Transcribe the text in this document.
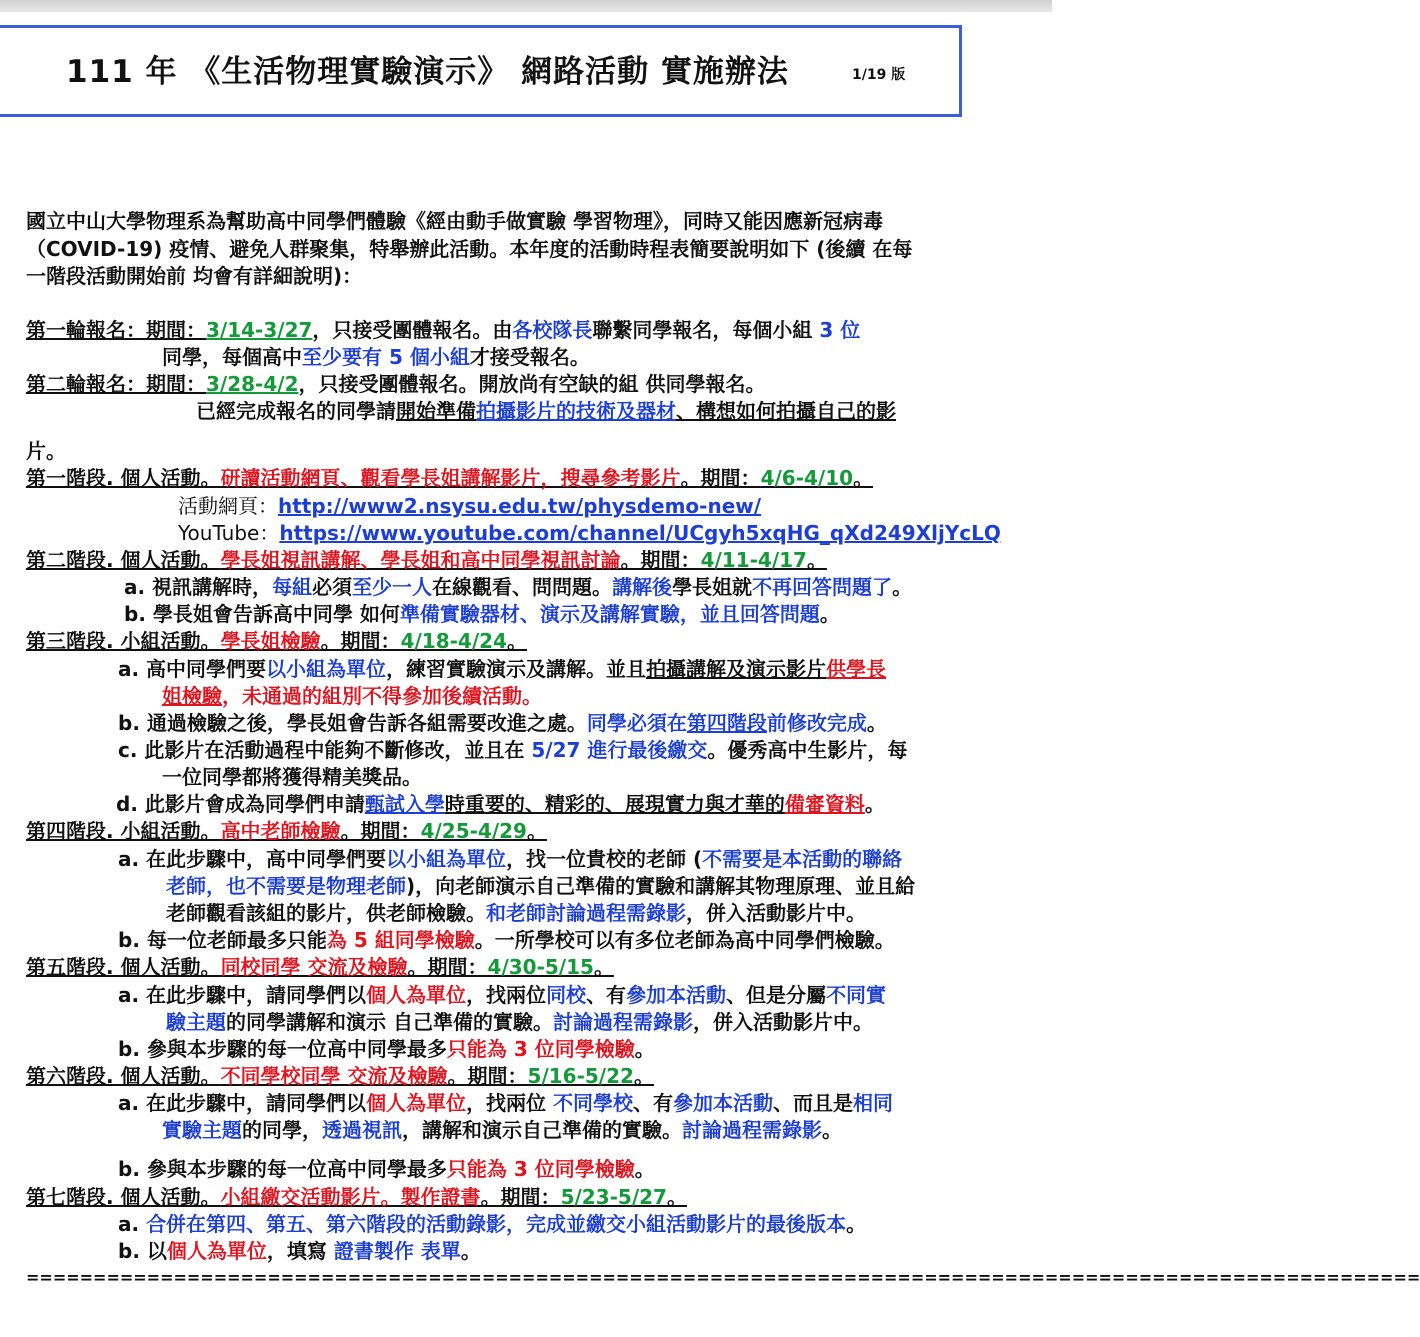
111 年 《生活物理實驗演示》 網路活動 實施辦法	1/19 版
國立中山大學物理系為幫助高中同學們體驗《經由動手做實驗 學習物理》，同時又能因應新冠病毒
（COVID-19) 疫情、避免人群聚集，特舉辦此活動。本年度的活動時程表簡要說明如下 (後續 在每
一階段活動開始前 均會有詳細說明)：
第一輪報名：期間：3/14-3/27，只接受團體報名。由各校隊長聯繫同學報名，每個小組 3 位
同學，每個高中至少要有 5 個小組才接受報名。
第二輪報名：期間：3/28-4/2，只接受團體報名。開放尚有空缺的組 供同學報名。
已經完成報名的同學請開始準備拍攝影片的技術及器材、構想如何拍攝自己的影
片。
第一階段. 個人活動。研讀活動網頁、觀看學長姐講解影片，搜尋參考影片。期間：4/6-4/10。
活動網頁：http://www2.nsysu.edu.tw/physdemo-new/
YouTube：https://www.youtube.com/channel/UCgyh5xqHG_qXd249XljYcLQ
第二階段. 個人活動。學長姐視訊講解、學長姐和高中同學視訊討論。期間：4/11-4/17。
a. 視訊講解時，每組必須至少一人在線觀看、問問題。講解後學長姐就不再回答問題了。
b. 學長姐會告訴高中同學 如何準備實驗器材、演示及講解實驗，並且回答問題。
第三階段. 小組活動。學長姐檢驗。期間：4/18-4/24。
a. 高中同學們要以小組為單位，練習實驗演示及講解。並且拍攝講解及演示影片供學長
姐檢驗，未通過的組別不得參加後續活動。
b. 通過檢驗之後，學長姐會告訴各組需要改進之處。同學必須在第四階段前修改完成。
c. 此影片在活動過程中能夠不斷修改，並且在 5/27 進行最後繳交。優秀高中生影片，每
一位同學都將獲得精美獎品。
d. 此影片會成為同學們申請甄試入學時重要的、精彩的、展現實力與才華的備審資料。
第四階段. 小組活動。高中老師檢驗。期間：4/25-4/29。
a. 在此步驟中，高中同學們要以小組為單位，找一位貴校的老師 (不需要是本活動的聯絡
老師，也不需要是物理老師)，向老師演示自己準備的實驗和講解其物理原理、並且給
老師觀看該組的影片，供老師檢驗。和老師討論過程需錄影，併入活動影片中。
b. 每一位老師最多只能為 5 組同學檢驗。一所學校可以有多位老師為高中同學們檢驗。
第五階段. 個人活動。同校同學 交流及檢驗。期間：4/30-5/15。
a. 在此步驟中，請同學們以個人為單位，找兩位同校、有參加本活動、但是分屬不同實
驗主題的同學講解和演示 自己準備的實驗。討論過程需錄影，併入活動影片中。
b. 參與本步驟的每一位高中同學最多只能為 3 位同學檢驗。
第六階段. 個人活動。不同學校同學 交流及檢驗。期間：5/16-5/22。
a. 在此步驟中，請同學們以個人為單位，找兩位 不同學校、有參加本活動、而且是相同
實驗主題的同學，透過視訊，講解和演示自己準備的實驗。討論過程需錄影。
b. 參與本步驟的每一位高中同學最多只能為 3 位同學檢驗。
第七階段. 個人活動。小組繳交活動影片。製作證書。期間：5/23-5/27。
a. 合併在第四、第五、第六階段的活動錄影，完成並繳交小組活動影片的最後版本。
b. 以個人為單位，填寫 證書製作 表單。
========================================================================================================
